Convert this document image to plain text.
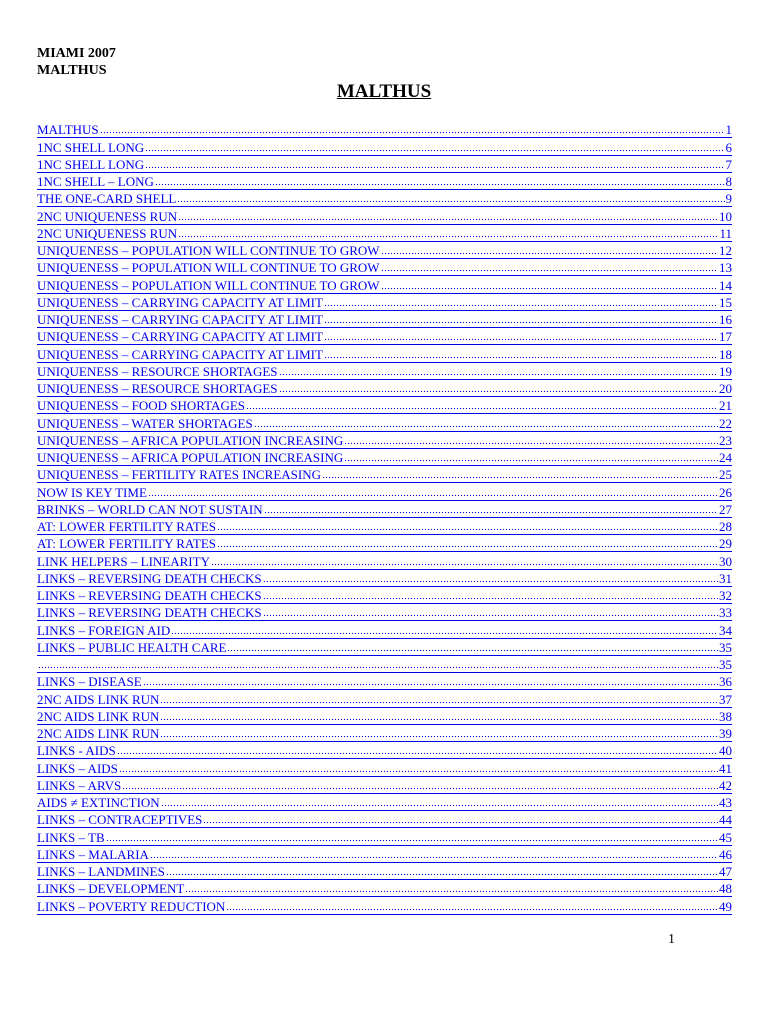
MIAMI 2007
MALTHUS
MALTHUS
MALTHUS	1
1NC SHELL LONG	6
1NC SHELL LONG	7
1NC SHELL – LONG	8
THE ONE-CARD SHELL	9
2NC UNIQUENESS RUN	10
2NC UNIQUENESS RUN	11
UNIQUENESS – POPULATION WILL CONTINUE TO GROW	12
UNIQUENESS – POPULATION WILL CONTINUE TO GROW	13
UNIQUENESS – POPULATION WILL CONTINUE TO GROW	14
UNIQUENESS – CARRYING CAPACITY AT LIMIT	15
UNIQUENESS – CARRYING CAPACITY AT LIMIT	16
UNIQUENESS – CARRYING CAPACITY AT LIMIT	17
UNIQUENESS – CARRYING CAPACITY AT LIMIT	18
UNIQUENESS – RESOURCE SHORTAGES	19
UNIQUENESS – RESOURCE SHORTAGES	20
UNIQUENESS – FOOD SHORTAGES	21
UNIQUENESS – WATER SHORTAGES	22
UNIQUENESS – AFRICA POPULATION INCREASING	23
UNIQUENESS – AFRICA POPULATION INCREASING	24
UNIQUENESS – FERTILITY RATES INCREASING	25
NOW IS KEY TIME	26
BRINKS – WORLD CAN NOT SUSTAIN	27
AT: LOWER FERTILITY RATES	28
AT: LOWER FERTILITY RATES	29
LINK HELPERS – LINEARITY	30
LINKS – REVERSING DEATH CHECKS	31
LINKS – REVERSING DEATH CHECKS	32
LINKS – REVERSING DEATH CHECKS	33
LINKS – FOREIGN AID	34
LINKS – PUBLIC HEALTH CARE	35
35
LINKS – DISEASE	36
2NC AIDS LINK RUN	37
2NC AIDS LINK RUN	38
2NC AIDS LINK RUN	39
LINKS - AIDS	40
LINKS – AIDS	41
LINKS – ARVS	42
AIDS ≠ EXTINCTION	43
LINKS – CONTRACEPTIVES	44
LINKS – TB	45
LINKS – MALARIA	46
LINKS – LANDMINES	47
LINKS – DEVELOPMENT	48
LINKS – POVERTY REDUCTION	49
1
